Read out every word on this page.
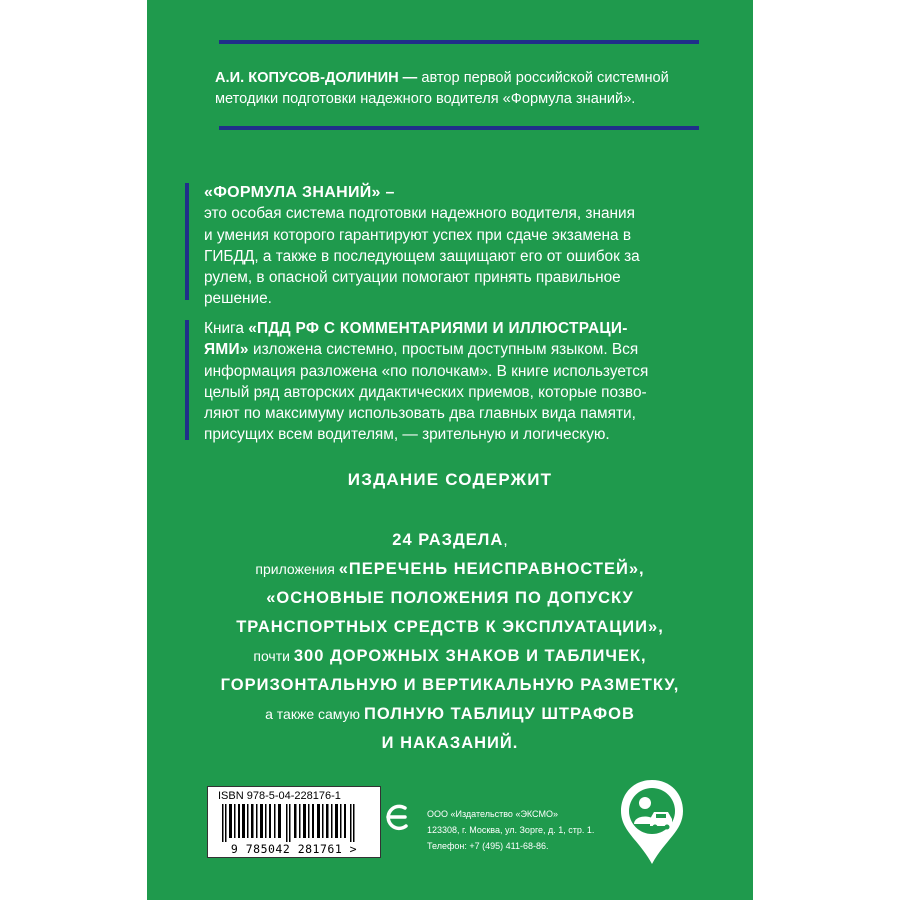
А.И. КОПУСОВ-ДОЛИНИН — автор первой российской системной
методики подготовки надежного водителя «Формула знаний».
«ФОРМУЛА ЗНАНИЙ» –
это особая система подготовки надежного водителя, знания
и умения которого гарантируют успех при сдаче экзамена в
ГИБДД, а также в последующем защищают его от ошибок за
рулем, в опасной ситуации помогают принять правильное
решение.
Книга «ПДД РФ С КОММЕНТАРИЯМИ И ИЛЛЮСТРАЦИ-
ЯМИ» изложена системно, простым доступным языком. Вся
информация разложена «по полочкам». В книге используется
целый ряд авторских дидактических приемов, которые позво-
ляют по максимуму использовать два главных вида памяти,
присущих всем водителям, — зрительную и логическую.
ИЗДАНИЕ СОДЕРЖИТ
24 РАЗДЕЛА,
приложения «ПЕРЕЧЕНЬ НЕИСПРАВНОСТЕЙ»,
«ОСНОВНЫЕ ПОЛОЖЕНИЯ ПО ДОПУСКУ
ТРАНСПОРТНЫХ СРЕДСТВ К ЭКСПЛУАТАЦИИ»,
почти 300 ДОРОЖНЫХ ЗНАКОВ И ТАБЛИЧЕК,
ГОРИЗОНТАЛЬНУЮ И ВЕРТИКАЛЬНУЮ РАЗМЕТКУ,
а также самую ПОЛНУЮ ТАБЛИЦУ ШТРАФОВ
И НАКАЗАНИЙ.
ISBN 978-5-04-228176-1
9 785042 281761 >
ООО «Издательство «ЭКСМО»
123308, г. Москва, ул. Зорге, д. 1, стр. 1.
Телефон: +7 (495) 411-68-86.
